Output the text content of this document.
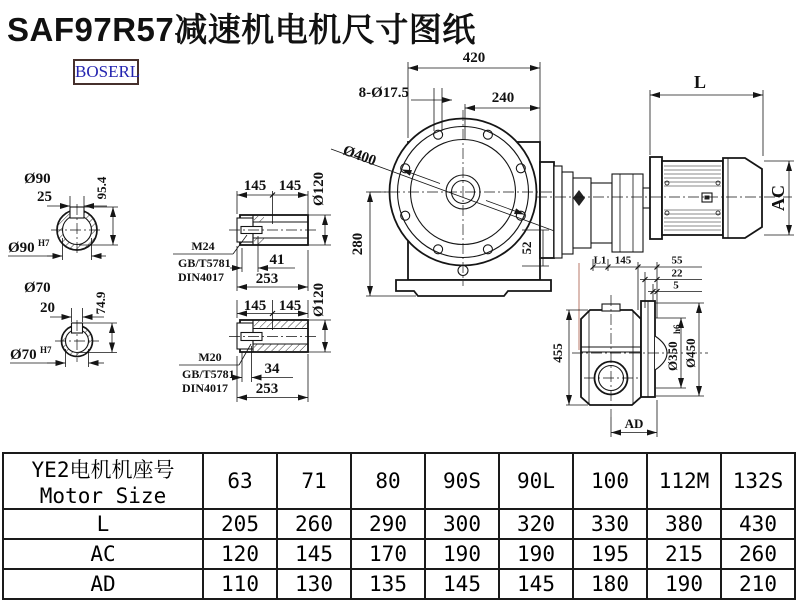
SAF97R57减速机电机尺寸图纸
BOSERL
Ø400
52
420
240
8-Ø17.5
280
L
AC
Ø90
25	95.4
Ø90 H7
Ø70
20	74.9
Ø70 H7
145 145 Ø120
41
253
M24
GB/T5781
DIN4017
145 145 Ø120
34
253
M20
GB/T5781
DIN4017
455	Ø350
h6
Ø450
AD
L1 145	55
22
5
YE2电机机座号
Motor Size	63	71	80	90S	90L	100	112M	132S
L	205	260	290	300	320	330	380	430
AC	120	145	170	190	190	195	215	260
AD	110	130	135	145	145	180	190	210
